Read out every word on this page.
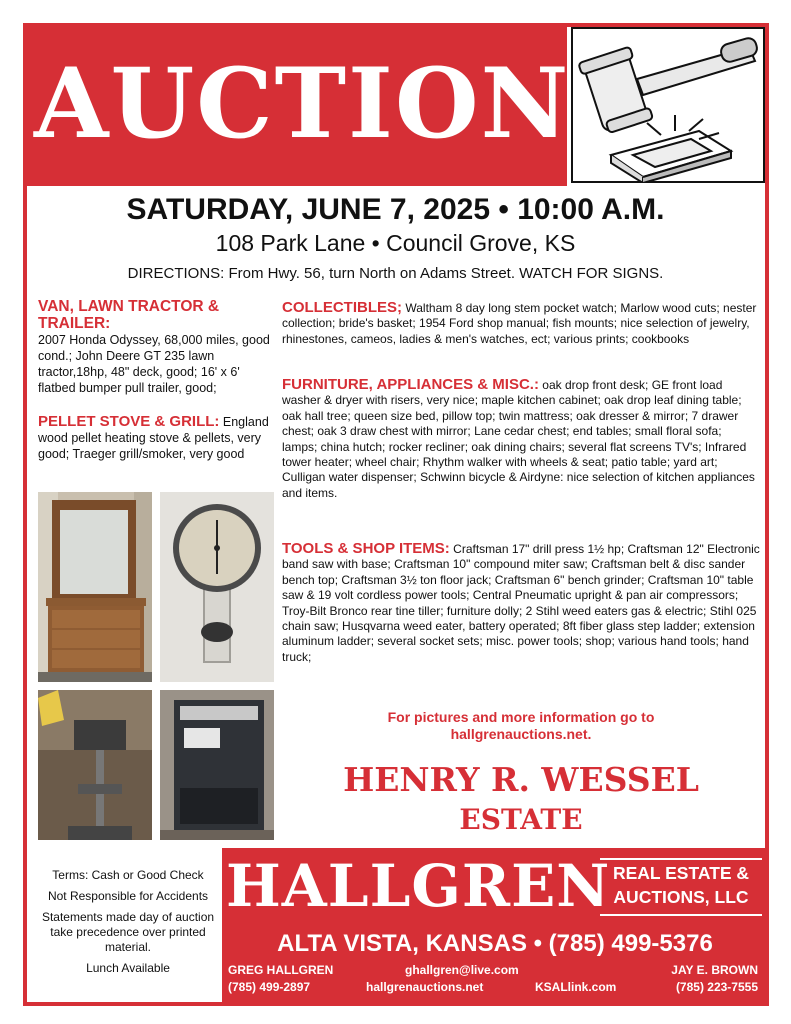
AUCTION
SATURDAY, JUNE 7, 2025 • 10:00 A.M.
108 Park Lane • Council Grove, KS
DIRECTIONS: From Hwy. 56, turn North on Adams Street. WATCH FOR SIGNS.
VAN, LAWN TRACTOR & TRAILER:
2007 Honda Odyssey, 68,000 miles, good cond.; John Deere GT 235 lawn tractor,18hp, 48" deck, good; 16' x 6' flatbed bumper pull trailer, good;
PELLET STOVE & GRILL: England wood pellet heating stove & pellets, very good; Traeger grill/smoker, very good
COLLECTIBLES; Waltham 8 day long stem pocket watch; Marlow wood cuts; nester collection; bride's basket; 1954 Ford shop manual; fish mounts; nice selection of jewelry, rhinestones, cameos, ladies & men's watches, ect; various prints; cookbooks
FURNITURE, APPLIANCES & MISC.: oak drop front desk; GE front load washer & dryer with risers, very nice; maple kitchen cabinet; oak drop leaf dining table; oak hall tree; queen size bed, pillow top; twin mattress; oak dresser & mirror; 7 drawer chest; oak 3 draw chest with mirror; Lane cedar chest; end tables; small floral sofa; lamps; china hutch; rocker recliner; oak dining chairs; several flat screens TV's; Infrared tower heater; wheel chair; Rhythm walker with wheels & seat; patio table; yard art; Culligan water dispenser; Schwinn bicycle & Airdyne: nice selection of kitchen appliances and items.
TOOLS & SHOP ITEMS: Craftsman 17" drill press 1½ hp; Craftsman 12" Electronic band saw with base; Craftsman 10" compound miter saw; Craftsman belt & disc sander bench top; Craftsman 3½ ton floor jack; Craftsman 6" bench grinder; Craftsman 10" table saw & 19 volt cordless power tools; Central Pneumatic upright & pan air compressors; Troy-Bilt Bronco rear tine tiller; furniture dolly; 2 Stihl weed eaters gas & electric; Stihl 025 chain saw; Husqvarna weed eater, battery operated; 8ft fiber glass step ladder; extension aluminum ladder; several socket sets; misc. power tools; shop; various hand tools; hand truck;
For pictures and more information go to
hallgrenauctions.net.
HENRY R. WESSEL
ESTATE
Terms: Cash or Good Check
Not Responsible for Accidents
Statements made day of auction take precedence over printed material.
Lunch Available
HALLGREN REAL ESTATE &
AUCTIONS, LLC
ALTA VISTA, KANSAS • (785) 499-5376
GREG HALLGREN
(785) 499-2897
ghallgren@live.com
hallgrenauctions.net	KSALlink.com
JAY E. BROWN
(785) 223-7555
